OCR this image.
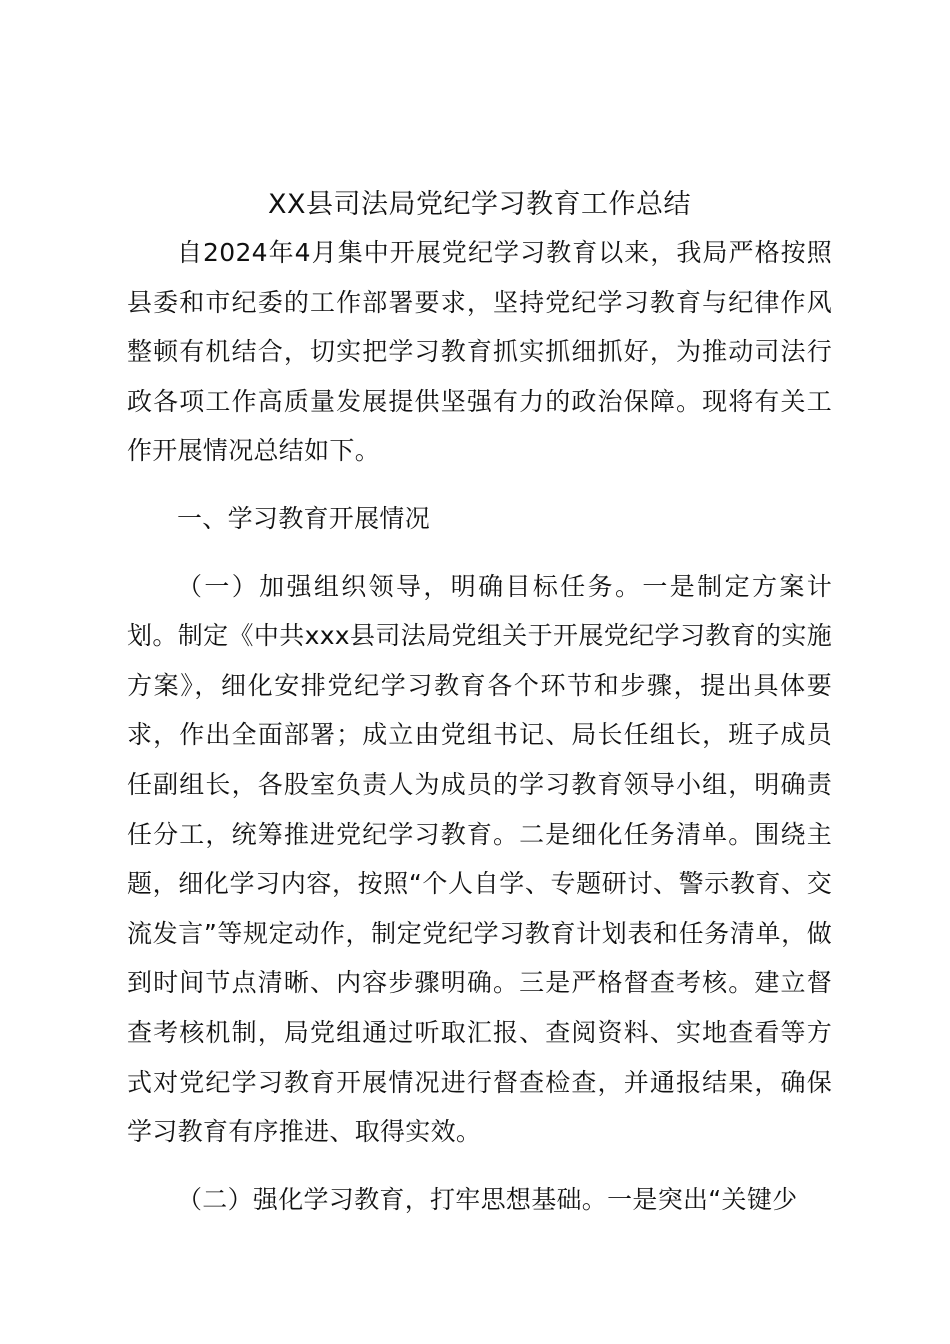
XX县司法局党纪学习教育工作总结

自2024年4月集中开展党纪学习教育以来，我局严格按照县委和市纪委的工作部署要求，坚持党纪学习教育与纪律作风整顿有机结合，切实把学习教育抓实抓细抓好，为推动司法行政各项工作高质量发展提供坚强有力的政治保障。现将有关工作开展情况总结如下。

一、学习教育开展情况

（一）加强组织领导，明确目标任务。一是制定方案计划。制定《中共xxx县司法局党组关于开展党纪学习教育的实施方案》，细化安排党纪学习教育各个环节和步骤，提出具体要求，作出全面部署；成立由党组书记、局长任组长，班子成员任副组长，各股室负责人为成员的学习教育领导小组，明确责任分工，统筹推进党纪学习教育。二是细化任务清单。围绕主题，细化学习内容，按照“个人自学、专题研讨、警示教育、交流发言”等规定动作，制定党纪学习教育计划表和任务清单，做到时间节点清晰、内容步骤明确。三是严格督查考核。建立督查考核机制，局党组通过听取汇报、查阅资料、实地查看等方式对党纪学习教育开展情况进行督查检查，并通报结果，确保学习教育有序推进、取得实效。

（二）强化学习教育，打牢思想基础。一是突出“关键少
